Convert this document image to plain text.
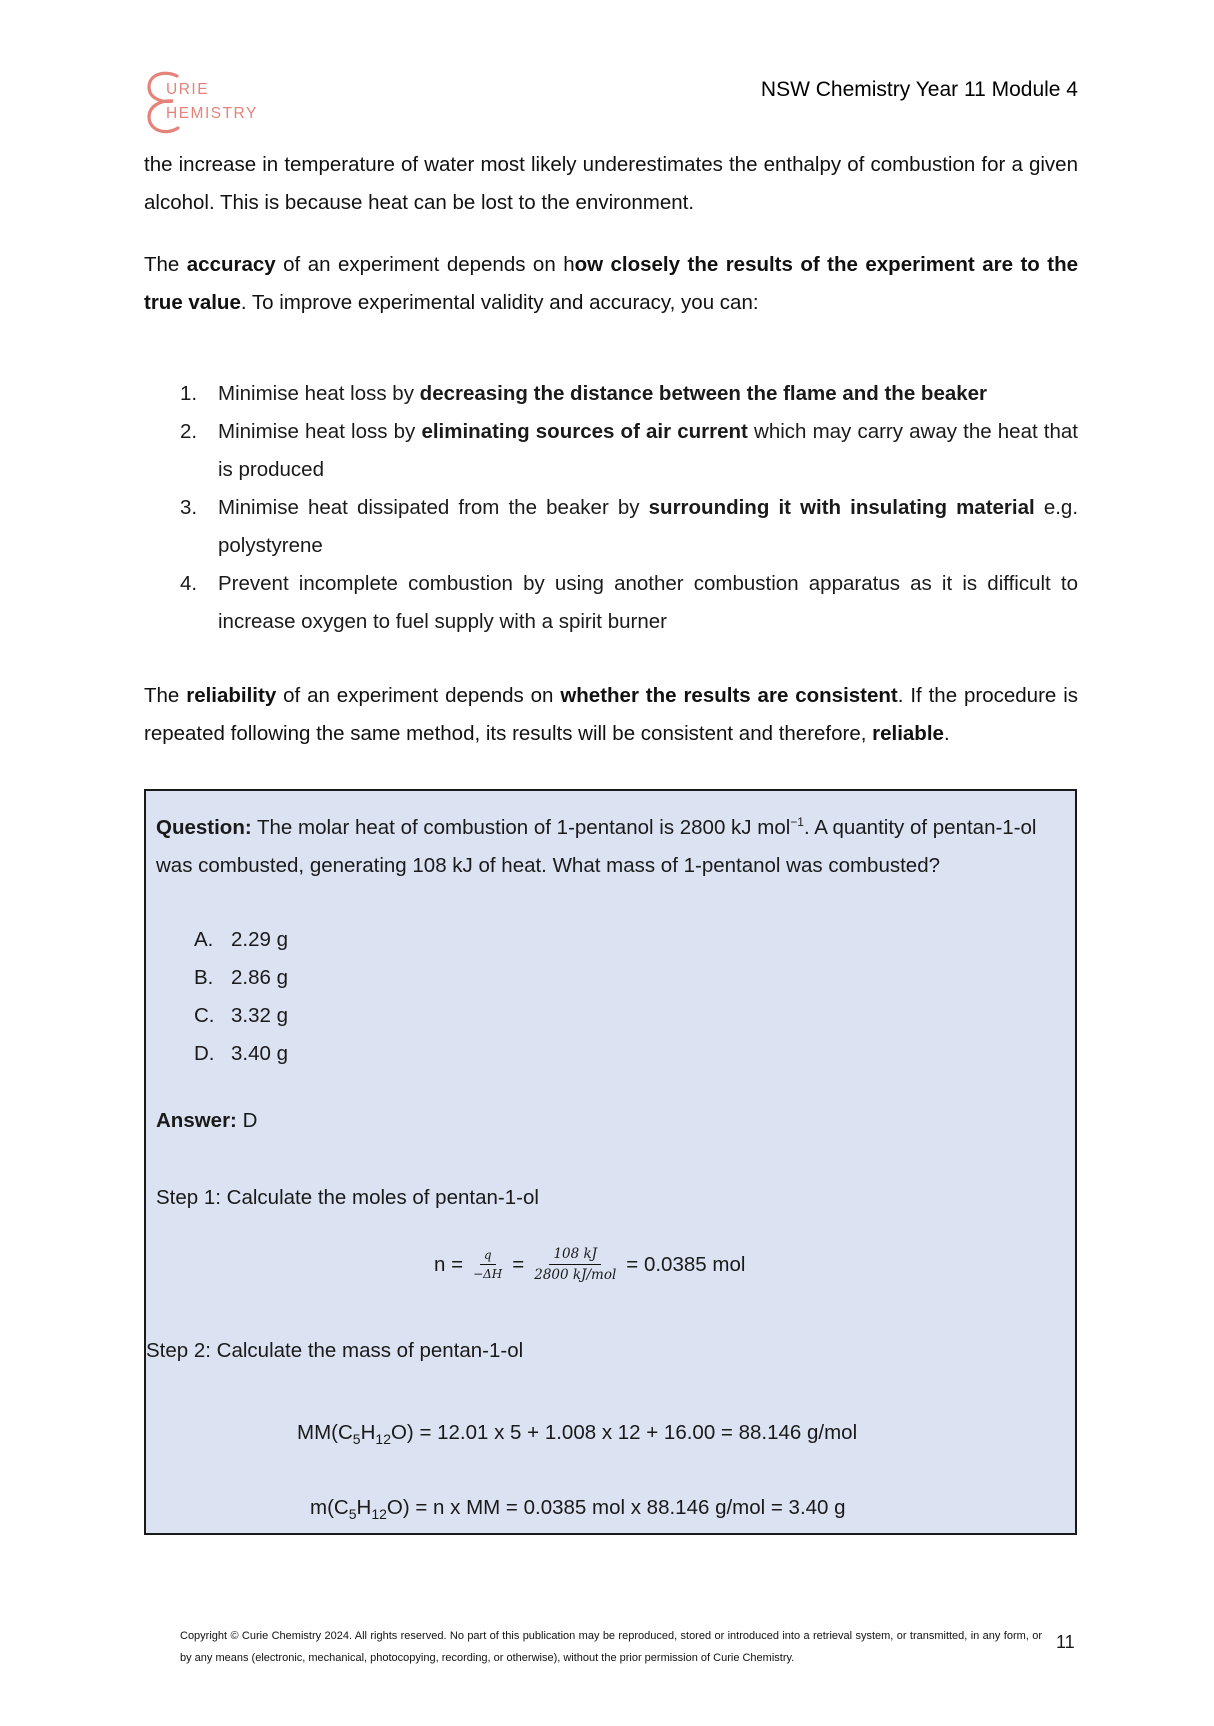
URIE
HEMISTRY
NSW Chemistry Year 11 Module 4
the increase in temperature of water most likely underestimates the enthalpy of combustion for a given alcohol. This is because heat can be lost to the environment.
The accuracy of an experiment depends on how closely the results of the experiment are to the true value. To improve experimental validity and accuracy, you can:
1. Minimise heat loss by decreasing the distance between the flame and the beaker
2. Minimise heat loss by eliminating sources of air current which may carry away the heat that is produced
3. Minimise heat dissipated from the beaker by surrounding it with insulating material e.g. polystyrene
4. Prevent incomplete combustion by using another combustion apparatus as it is difficult to increase oxygen to fuel supply with a spirit burner
The reliability of an experiment depends on whether the results are consistent. If the procedure is repeated following the same method, its results will be consistent and therefore, reliable.
Question: The molar heat of combustion of 1-pentanol is 2800 kJ mol$^{-1}$. A quantity of pentan-1-ol was combusted, generating 108 kJ of heat. What mass of 1-pentanol was combusted?
A. 2.29 g
B. 2.86 g
C. 3.32 g
D. 3.40 g
Answer: D
Step 1: Calculate the moles of pentan-1-ol
$n = \frac{q}{-\Delta H} = \frac{108 kJ}{\text{2800 kJ/mol}} = 0.0385$ mol
Step 2: Calculate the mass of pentan-1-ol
$MM(C_5H_{12}O) = 12.01$ x 5 + 1.008 x 12 + 16.00 = 88.146 g/mol
$m(C_5H_{12}O) = n$ x MM = 0.0385 mol x 88.146 g/mol = 3.40 g
Copyright © Curie Chemistry 2024. All rights reserved. No part of this publication may be reproduced, stored or introduced into a retrieval system, or transmitted, in any form, or by any means (electronic, mechanical, photocopying, recording, or otherwise), without the prior permission of Curie Chemistry.
11
